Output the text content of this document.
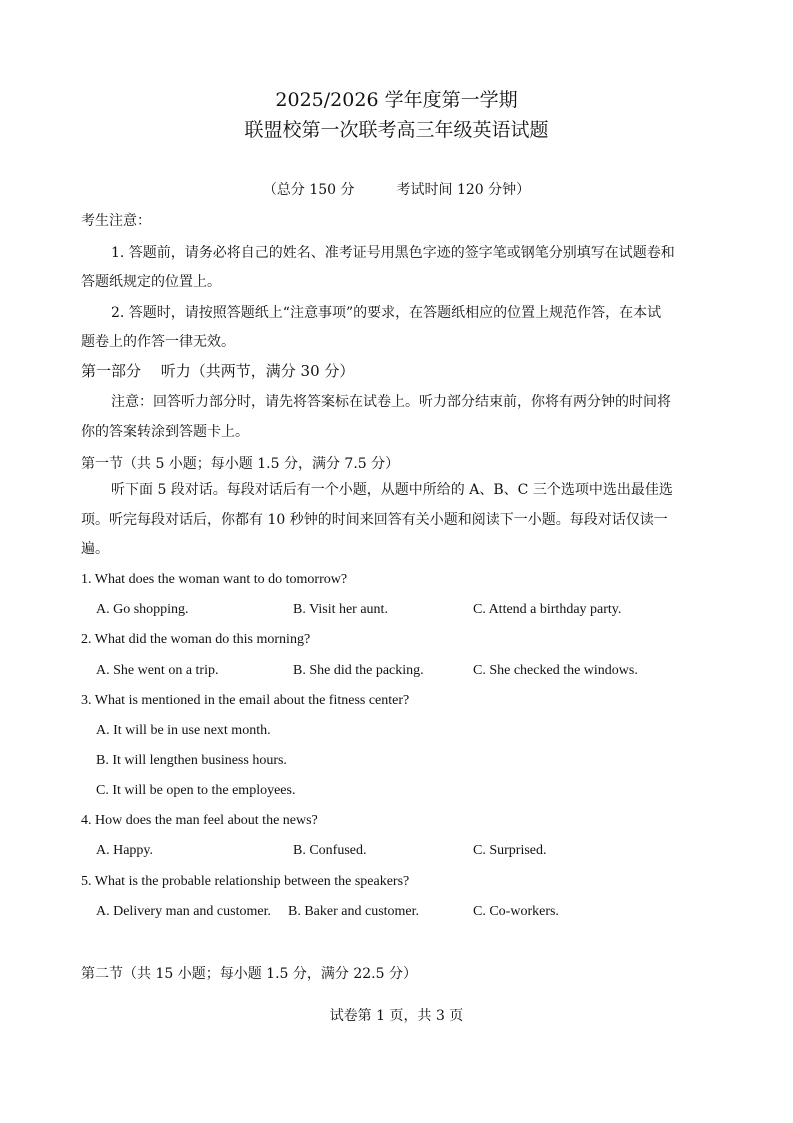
2025/2026 学年度第一学期
联盟校第一次联考高三年级英语试题
（总分 150 分　　　考试时间 120 分钟）
考生注意：
1. 答题前，请务必将自己的姓名、准考证号用黑色字迹的签字笔或钢笔分别填写在试题卷和
答题纸规定的位置上。
2. 答题时，请按照答题纸上“注意事项”的要求，在答题纸相应的位置上规范作答，在本试
题卷上的作答一律无效。
第一部分　 听力（共两节，满分 30 分）
注意：回答听力部分时，请先将答案标在试卷上。听力部分结束前，你将有两分钟的时间将
你的答案转涂到答题卡上。
第一节（共 5 小题；每小题 1.5 分，满分 7.5 分）
听下面 5 段对话。每段对话后有一个小题，从题中所给的 A、B、C 三个选项中选出最佳选
项。听完每段对话后，你都有 10 秒钟的时间来回答有关小题和阅读下一小题。每段对话仅读一
遍。
1. What does the woman want to do tomorrow?
A. Go shopping.	B. Visit her aunt.	C. Attend a birthday party.
2. What did the woman do this morning?
A. She went on a trip.	B. She did the packing.	C. She checked the windows.
3. What is mentioned in the email about the fitness center?
A. It will be in use next month.
B. It will lengthen business hours.
C. It will be open to the employees.
4. How does the man feel about the news?
A. Happy.	B. Confused.	C. Surprised.
5. What is the probable relationship between the speakers?
A. Delivery man and customer. B. Baker and customer.	C. Co-workers.
第二节（共 15 小题；每小题 1.5 分，满分 22.5 分）
试卷第 1 页，共 3 页
